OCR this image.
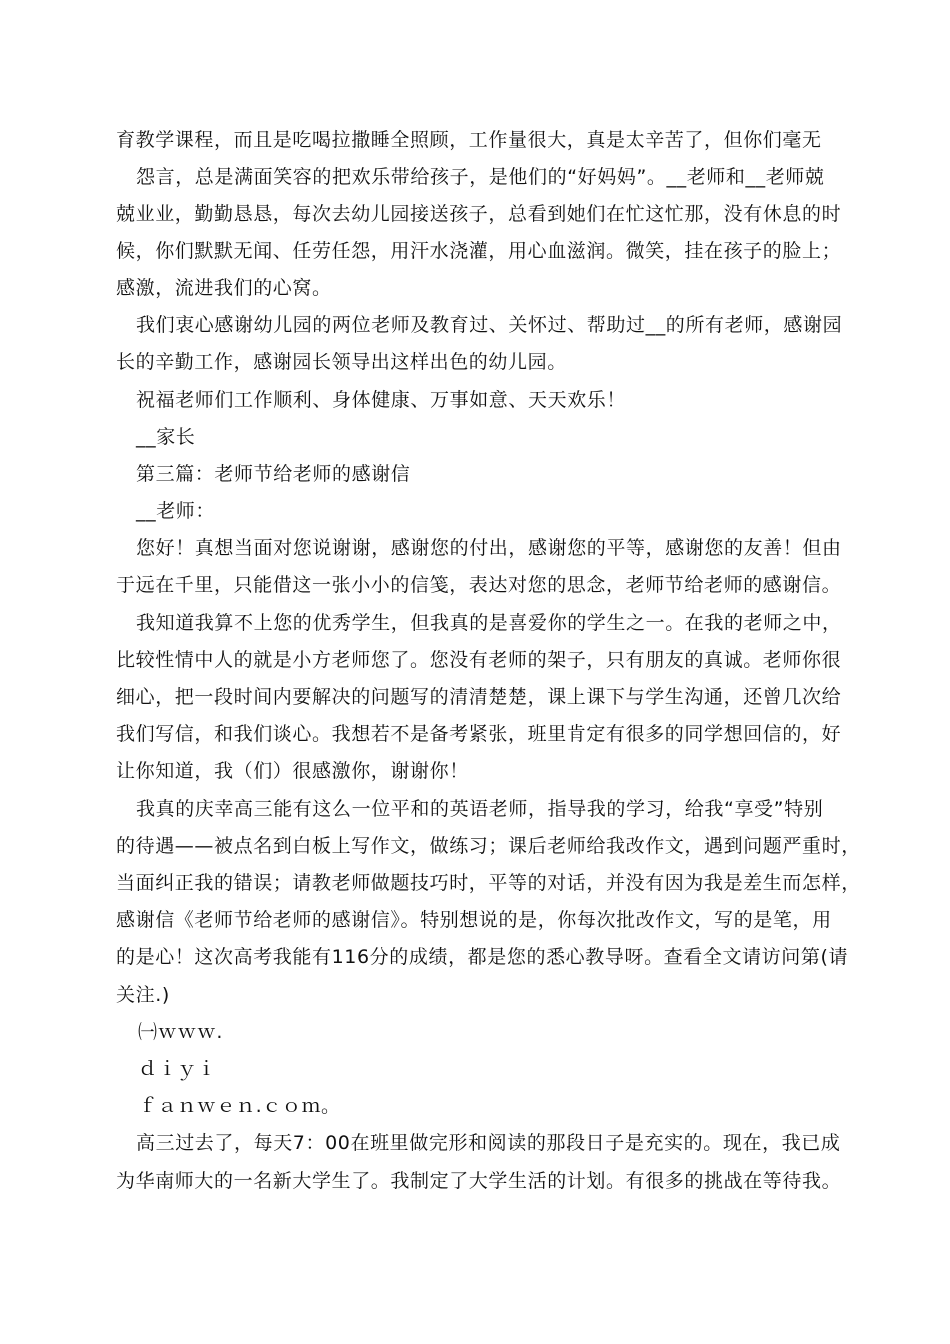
育教学课程，而且是吃喝拉撒睡全照顾，工作量很大，真是太辛苦了，但你们毫无
怨言，总是满面笑容的把欢乐带给孩子，是他们的“好妈妈”。__老师和__老师兢
兢业业，勤勤恳恳，每次去幼儿园接送孩子，总看到她们在忙这忙那，没有休息的时
候，你们默默无闻、任劳任怨，用汗水浇灌，用心血滋润。微笑，挂在孩子的脸上；
感激，流进我们的心窝。
我们衷心感谢幼儿园的两位老师及教育过、关怀过、帮助过__的所有老师，感谢园
长的辛勤工作，感谢园长领导出这样出色的幼儿园。
祝福老师们工作顺利、身体健康、万事如意、天天欢乐！
__家长
第三篇：老师节给老师的感谢信
__老师：
您好！真想当面对您说谢谢，感谢您的付出，感谢您的平等，感谢您的友善！但由
于远在千里，只能借这一张小小的信笺，表达对您的思念，老师节给老师的感谢信。
我知道我算不上您的优秀学生，但我真的是喜爱你的学生之一。在我的老师之中，
比较性情中人的就是小方老师您了。您没有老师的架子，只有朋友的真诚。老师你很
细心，把一段时间内要解决的问题写的清清楚楚，课上课下与学生沟通，还曾几次给
我们写信，和我们谈心。我想若不是备考紧张，班里肯定有很多的同学想回信的，好
让你知道，我（们）很感激你，谢谢你！
我真的庆幸高三能有这么一位平和的英语老师，指导我的学习，给我“享受”特别
的待遇——被点名到白板上写作文，做练习；课后老师给我改作文，遇到问题严重时，
当面纠正我的错误；请教老师做题技巧时，平等的对话，并没有因为我是差生而怎样，
感谢信《老师节给老师的感谢信》。特别想说的是，你每次批改作文，写的是笔，用
的是心！这次高考我能有116分的成绩，都是您的悉心教导呀。查看全文请访问第(请
关注.)
㈠ｗｗｗ.
ｄｉｙｉ
ｆａｎｗｅｎ.ｃｏｍ。
高三过去了，每天7：00在班里做完形和阅读的那段日子是充实的。现在，我已成
为华南师大的一名新大学生了。我制定了大学生活的计划。有很多的挑战在等待我。
